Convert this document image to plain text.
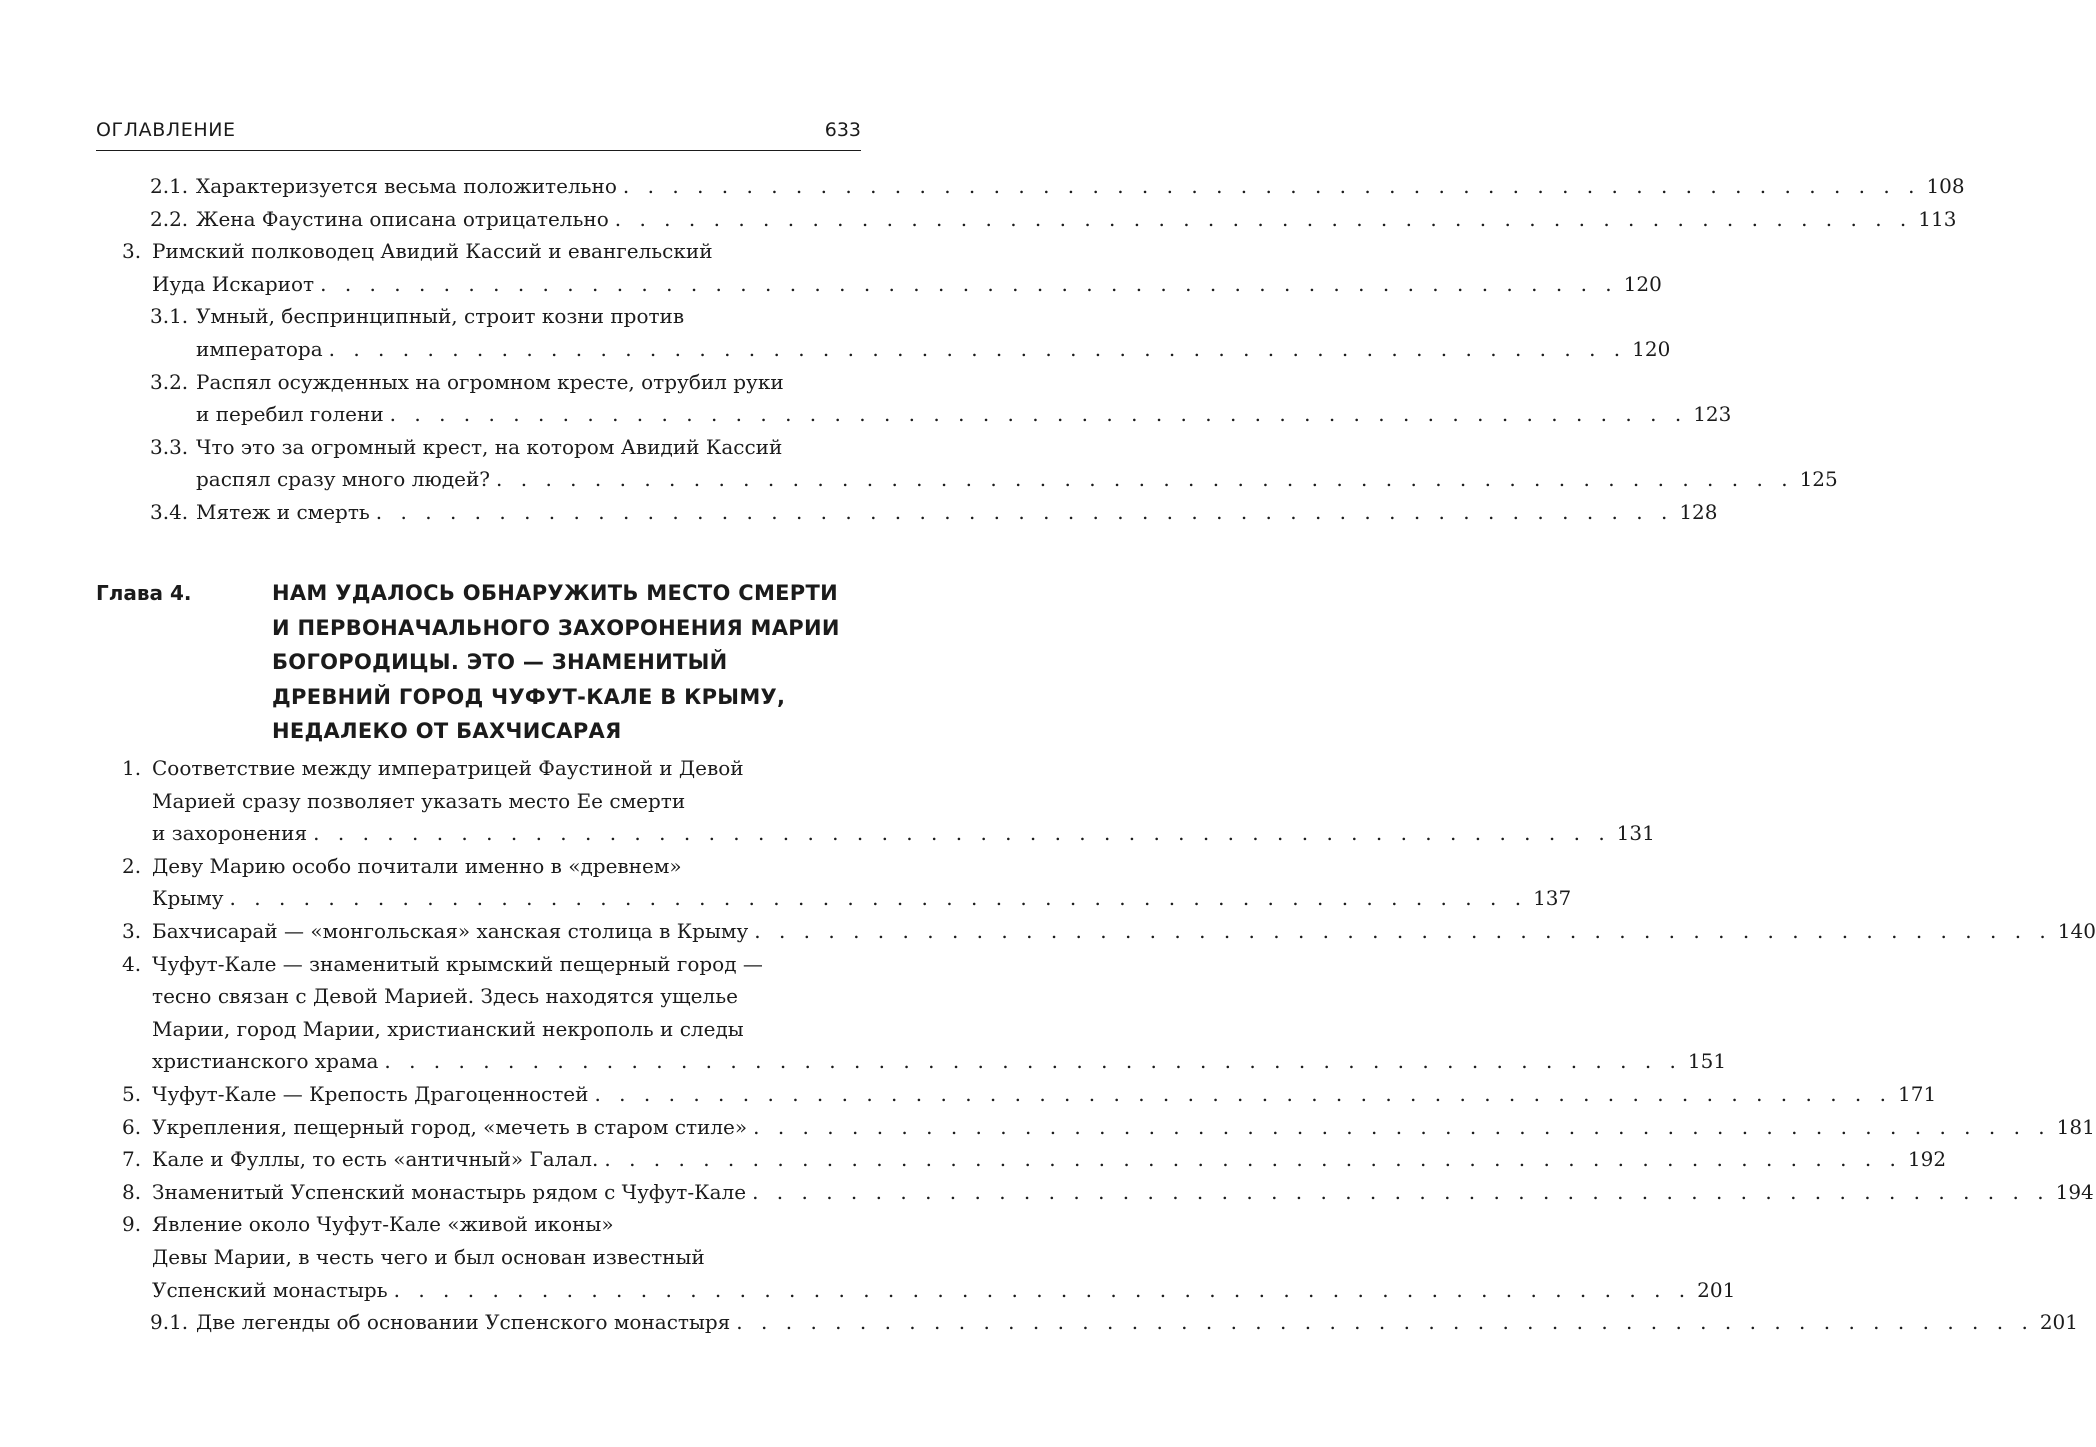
ОГЛАВЛЕНИЕ	633
2.1. Характеризуется весьма положительно . . . . . . . . . . . . . . . . . . . . . . . . . . . . . . . . . . . . . . . . . . . . . . . . . . . . . 108
2.2. Жена Фаустина описана отрицательно . . . . . . . . . . . . . . . . . . . . . . . . . . . . . . . . . . . . . . . . . . . . . . . . . . . . . 113
3. Римский полководец Авидий Кассий и евангельский
Иуда Искариот . . . . . . . . . . . . . . . . . . . . . . . . . . . . . . . . . . . . . . . . . . . . . . . . . . . . . 120
3.1. Умный, беспринципный, строит козни против
императора . . . . . . . . . . . . . . . . . . . . . . . . . . . . . . . . . . . . . . . . . . . . . . . . . . . . . 120
3.2. Распял осужденных на огромном кресте, отрубил руки
и перебил голени . . . . . . . . . . . . . . . . . . . . . . . . . . . . . . . . . . . . . . . . . . . . . . . . . . . . . 123
3.3. Что это за огромный крест, на котором Авидий Кассий
распял сразу много людей? . . . . . . . . . . . . . . . . . . . . . . . . . . . . . . . . . . . . . . . . . . . . . . . . . . . . . 125
3.4. Мятеж и смерть . . . . . . . . . . . . . . . . . . . . . . . . . . . . . . . . . . . . . . . . . . . . . . . . . . . . . 128
Глава 4.	НАМ УДАЛОСЬ ОБНАРУЖИТЬ МЕСТО СМЕРТИ
И ПЕРВОНАЧАЛЬНОГО ЗАХОРОНЕНИЯ МАРИИ
БОГОРОДИЦЫ. ЭТО — ЗНАМЕНИТЫЙ
ДРЕВНИЙ ГОРОД ЧУФУТ-КАЛЕ В КРЫМУ,
НЕДАЛЕКО ОТ БАХЧИСАРАЯ
1. Соответствие между императрицей Фаустиной и Девой
Марией сразу позволяет указать место Ее смерти
и захоронения . . . . . . . . . . . . . . . . . . . . . . . . . . . . . . . . . . . . . . . . . . . . . . . . . . . . . 131
2. Деву Марию особо почитали именно в «древнем»
Крыму . . . . . . . . . . . . . . . . . . . . . . . . . . . . . . . . . . . . . . . . . . . . . . . . . . . . . 137
3. Бахчисарай — «монгольская» ханская столица в Крыму . . . . . . . . . . . . . . . . . . . . . . . . . . . . . . . . . . . . . . . . . . . . . . . . . . . . . 140
4. Чуфут-Кале — знаменитый крымский пещерный город —
тесно связан с Девой Марией. Здесь находятся ущелье
Марии, город Марии, христианский некрополь и следы
христианского храма . . . . . . . . . . . . . . . . . . . . . . . . . . . . . . . . . . . . . . . . . . . . . . . . . . . . . 151
5. Чуфут-Кале — Крепость Драгоценностей . . . . . . . . . . . . . . . . . . . . . . . . . . . . . . . . . . . . . . . . . . . . . . . . . . . . . 171
6. Укрепления, пещерный город, «мечеть в старом стиле» . . . . . . . . . . . . . . . . . . . . . . . . . . . . . . . . . . . . . . . . . . . . . . . . . . . . . 181
7. Кале и Фуллы, то есть «античный» Галал. . . . . . . . . . . . . . . . . . . . . . . . . . . . . . . . . . . . . . . . . . . . . . . . . . . . . . 192
8. Знаменитый Успенский монастырь рядом с Чуфут-Кале . . . . . . . . . . . . . . . . . . . . . . . . . . . . . . . . . . . . . . . . . . . . . . . . . . . . . 194
9. Явление около Чуфут-Кале «живой иконы»
Девы Марии, в честь чего и был основан известный
Успенский монастырь . . . . . . . . . . . . . . . . . . . . . . . . . . . . . . . . . . . . . . . . . . . . . . . . . . . . . 201
9.1. Две легенды об основании Успенского монастыря . . . . . . . . . . . . . . . . . . . . . . . . . . . . . . . . . . . . . . . . . . . . . . . . . . . . . 201
